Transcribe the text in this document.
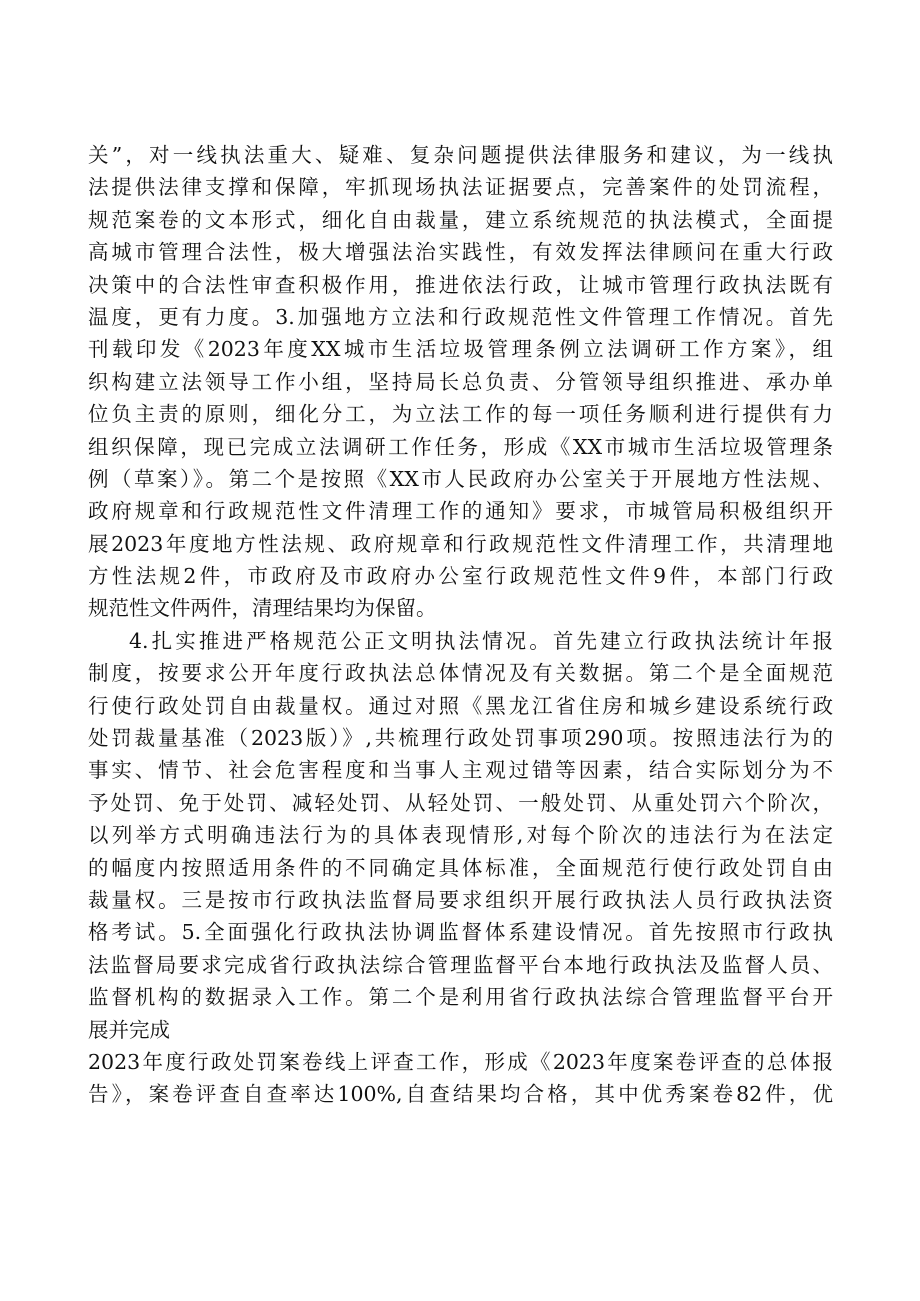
关”，对一线执法重大、疑难、复杂问题提供法律服务和建议，为一线执
法提供法律支撑和保障，牢抓现场执法证据要点，完善案件的处罚流程，
规范案卷的文本形式，细化自由裁量，建立系统规范的执法模式，全面提
高城市管理合法性，极大增强法治实践性，有效发挥法律顾问在重大行政
决策中的合法性审查积极作用，推进依法行政，让城市管理行政执法既有
温度，更有力度。3.加强地方立法和行政规范性文件管理工作情况。首先
刊载印发《2023年度XX城市生活垃圾管理条例立法调研工作方案》，组
织构建立法领导工作小组，坚持局长总负责、分管领导组织推进、承办单
位负主责的原则，细化分工，为立法工作的每一项任务顺利进行提供有力
组织保障，现已完成立法调研工作任务，形成《XX市城市生活垃圾管理条
例（草案）》。第二个是按照《XX市人民政府办公室关于开展地方性法规、
政府规章和行政规范性文件清理工作的通知》要求，市城管局积极组织开
展2023年度地方性法规、政府规章和行政规范性文件清理工作，共清理地
方性法规2件，市政府及市政府办公室行政规范性文件9件，本部门行政
规范性文件两件，清理结果均为保留。
4.扎实推进严格规范公正文明执法情况。首先建立行政执法统计年报
制度，按要求公开年度行政执法总体情况及有关数据。第二个是全面规范
行使行政处罚自由裁量权。通过对照《黑龙江省住房和城乡建设系统行政
处罚裁量基准（2023版）》,共梳理行政处罚事项290项。按照违法行为的
事实、情节、社会危害程度和当事人主观过错等因素，结合实际划分为不
予处罚、免于处罚、减轻处罚、从轻处罚、一般处罚、从重处罚六个阶次，
以列举方式明确违法行为的具体表现情形,对每个阶次的违法行为在法定
的幅度内按照适用条件的不同确定具体标准，全面规范行使行政处罚自由
裁量权。三是按市行政执法监督局要求组织开展行政执法人员行政执法资
格考试。5.全面强化行政执法协调监督体系建设情况。首先按照市行政执
法监督局要求完成省行政执法综合管理监督平台本地行政执法及监督人员、
监督机构的数据录入工作。第二个是利用省行政执法综合管理监督平台开
展并完成
2023年度行政处罚案卷线上评查工作，形成《2023年度案卷评查的总体报
告》，案卷评查自查率达100%,自查结果均合格，其中优秀案卷82件，优
